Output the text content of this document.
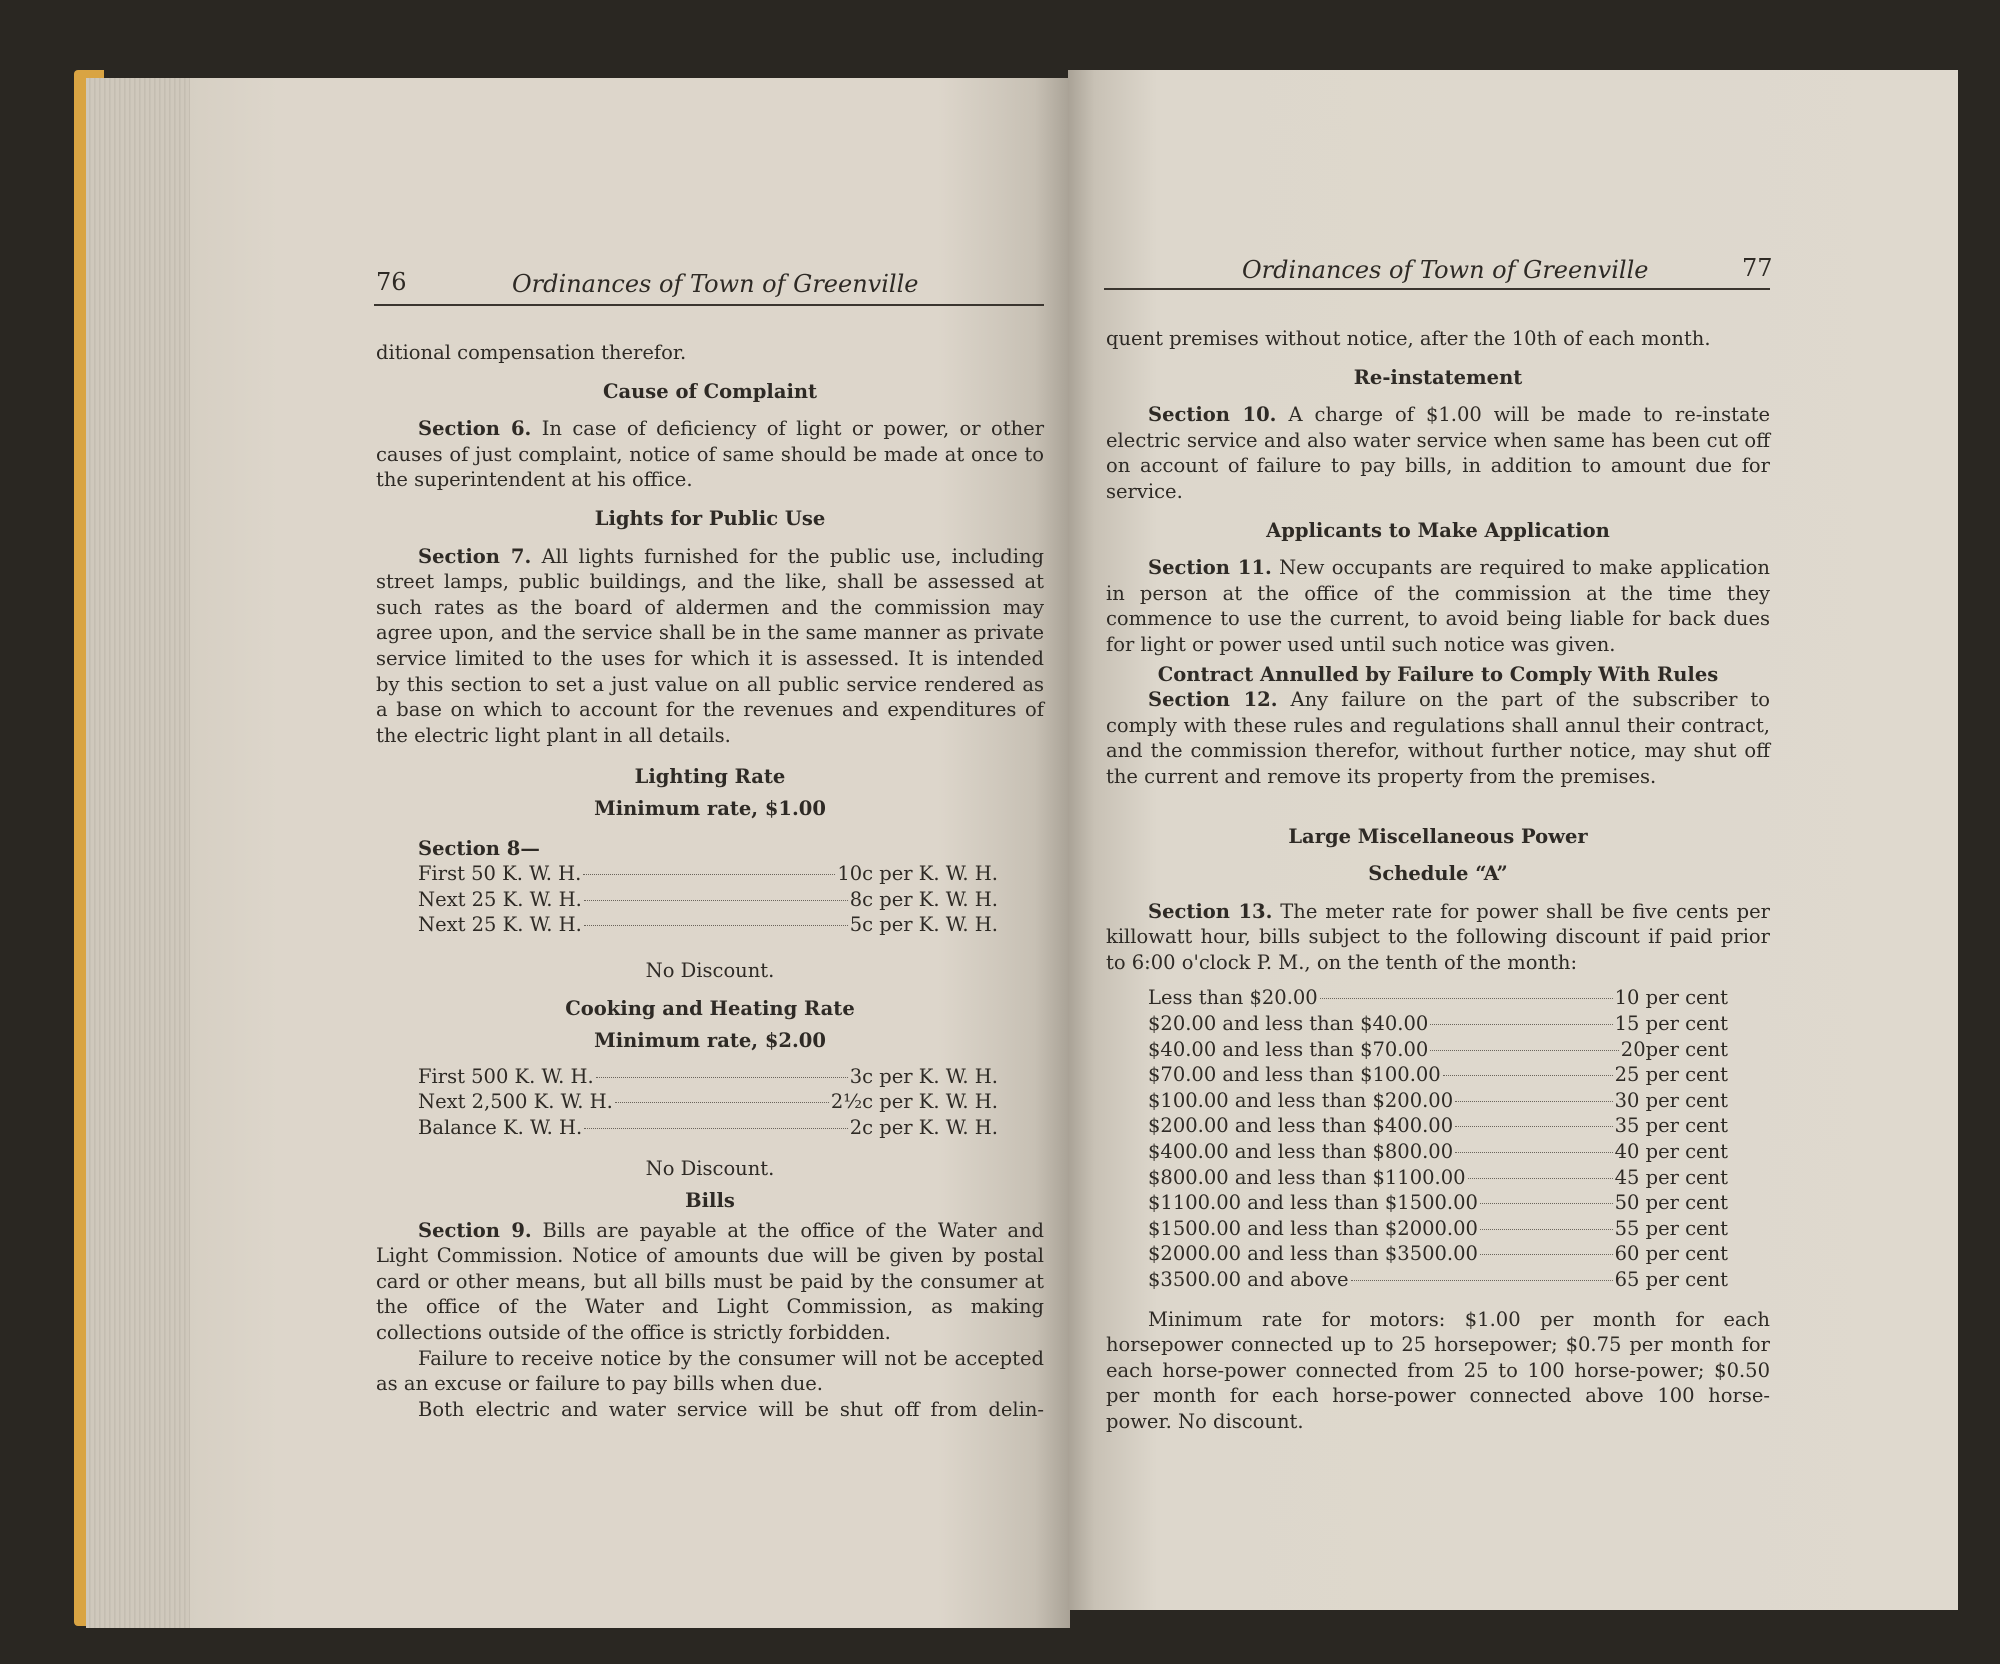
76	Ordinances of Town of Greenville	Ordinances of Town of Greenville	77

ditional compensation therefor.

Cause of Complaint

Section 6. In case of deficiency of light or power, or other causes of just complaint, notice of same should be made at once to the superintendent at his office.

Lights for Public Use

Section 7. All lights furnished for the public use, including street lamps, public buildings, and the like, shall be assessed at such rates as the board of aldermen and the commission may agree upon, and the service shall be in the same manner as private service limited to the uses for which it is assessed. It is intended by this section to set a just value on all public service rendered as a base on which to account for the revenues and expenditures of the electric light plant in all details.

Lighting Rate
Minimum rate, $1.00
Section 8—
First 50 K. W. H.	10c per K. W. H.
Next 25 K. W. H.	8c per K. W. H.
Next 25 K. W. H.	5c per K. W. H.
No Discount.
Cooking and Heating Rate
Minimum rate, $2.00
First 500 K. W. H.	3c per K. W. H.
Next 2,500 K. W. H.	2½c per K. W. H.
Balance K. W. H.	2c per K. W. H.
No Discount.
Bills

Section 9. Bills are payable at the office of the Water and Light Commission. Notice of amounts due will be given by postal card or other means, but all bills must be paid by the consumer at the office of the Water and Light Commission, as making collections outside of the office is strictly forbidden.

Failure to receive notice by the consumer will not be accepted as an excuse or failure to pay bills when due.

Both electric and water service will be shut off from delin-

quent premises without notice, after the 10th of each month.

Re-instatement

Section 10. A charge of $1.00 will be made to re-instate electric service and also water service when same has been cut off on account of failure to pay bills, in addition to amount due for service.

Applicants to Make Application

Section 11. New occupants are required to make application in person at the office of the commission at the time they commence to use the current, to avoid being liable for back dues for light or power used until such notice was given.

Contract Annulled by Failure to Comply With Rules

Section 12. Any failure on the part of the subscriber to comply with these rules and regulations shall annul their contract, and the commission therefor, without further notice, may shut off the current and remove its property from the premises.

Large Miscellaneous Power
Schedule “A”

Section 13. The meter rate for power shall be five cents per killowatt hour, bills subject to the following discount if paid prior to 6:00 o'clock P. M., on the tenth of the month:

Less than $20.00	10 per cent
$20.00 and less than $40.00	15 per cent
$40.00 and less than $70.00	20per cent
$70.00 and less than $100.00	25 per cent
$100.00 and less than $200.00	30 per cent
$200.00 and less than $400.00	35 per cent
$400.00 and less than $800.00	40 per cent
$800.00 and less than $1100.00	45 per cent
$1100.00 and less than $1500.00	50 per cent
$1500.00 and less than $2000.00	55 per cent
$2000.00 and less than $3500.00	60 per cent
$3500.00 and above	65 per cent

Minimum rate for motors: $1.00 per month for each horsepower connected up to 25 horsepower; $0.75 per month for each horse-power connected from 25 to 100 horse-power; $0.50 per month for each horse-power connected above 100 horse-power. No discount.
